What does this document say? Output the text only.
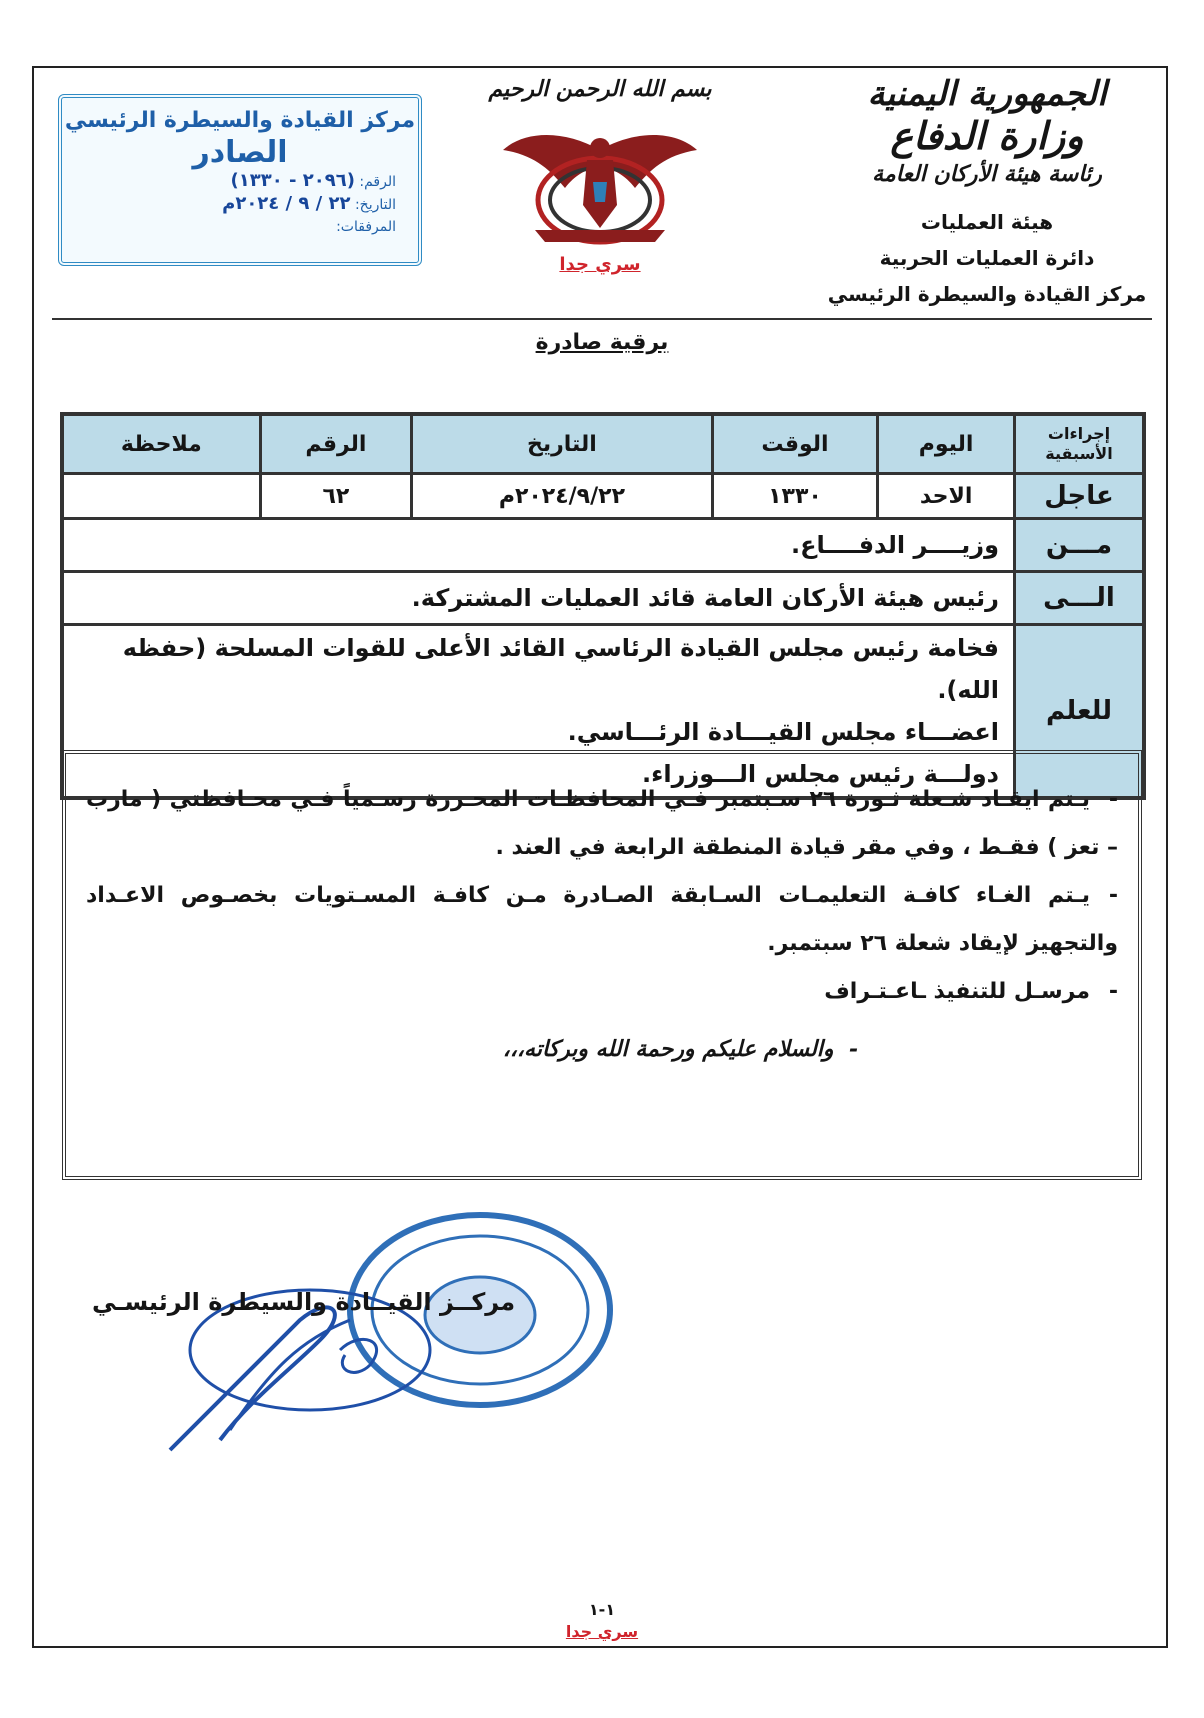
الجمهورية اليمنية
وزارة الدفاع
رئاسة هيئة الأركان العامة
هيئة العمليات
دائرة العمليات الحربية
مركز القيادة والسيطرة الرئيسي
بسم الله الرحمن الرحيم
سري جدا
مركز القيادة والسيطرة الرئيسي
الصادر
الرقم: (٢٠٩٦ - ١٣٣٠)
التاريخ: ٢٢ / ٩ / ٢٠٢٤م
المرفقات:
برقية صادرة
إجراءات الأسبقية	اليوم	الوقت	التاريخ	الرقم	ملاحظة
عاجل	الاحد	١٣٣٠	٢٠٢٤/٩/٢٢م	٦٢	
مـــن	وزيــــر الدفــــاع.				
الـــى	رئيس هيئة الأركان العامة قائد العمليات المشتركة.				
للعلم	فخامة رئيس مجلس القيادة الرئاسي القائد الأعلى للقوات المسلحة (حفظه الله).
اعضـــاء مجلس القيـــادة الرئـــاسي.
دولـــة رئيس مجلس الـــوزراء.				
-يـتم ايقـاد شـعلة ثـورة ٢٦ سـبتمبر فـي المحافظـات المحـررة رسـمياً فـي محـافظتي ( مارب – تعز ) فقـط ، وفي مقر قيادة المنطقة الرابعة في العند .
-يـتم الغـاء كافـة التعليمـات السـابقة الصـادرة مـن كافـة المسـتويات بخصـوص الاعـداد والتجهيز لإيقاد شعلة ٢٦ سبتمبر.
-مرسـل للتنفيذ ـاعـتـراف
-  والسلام عليكم ورحمة الله وبركاته،،،
مركــز القيــادة والسيطرة الرئيسـي
١-١
سري جدا
